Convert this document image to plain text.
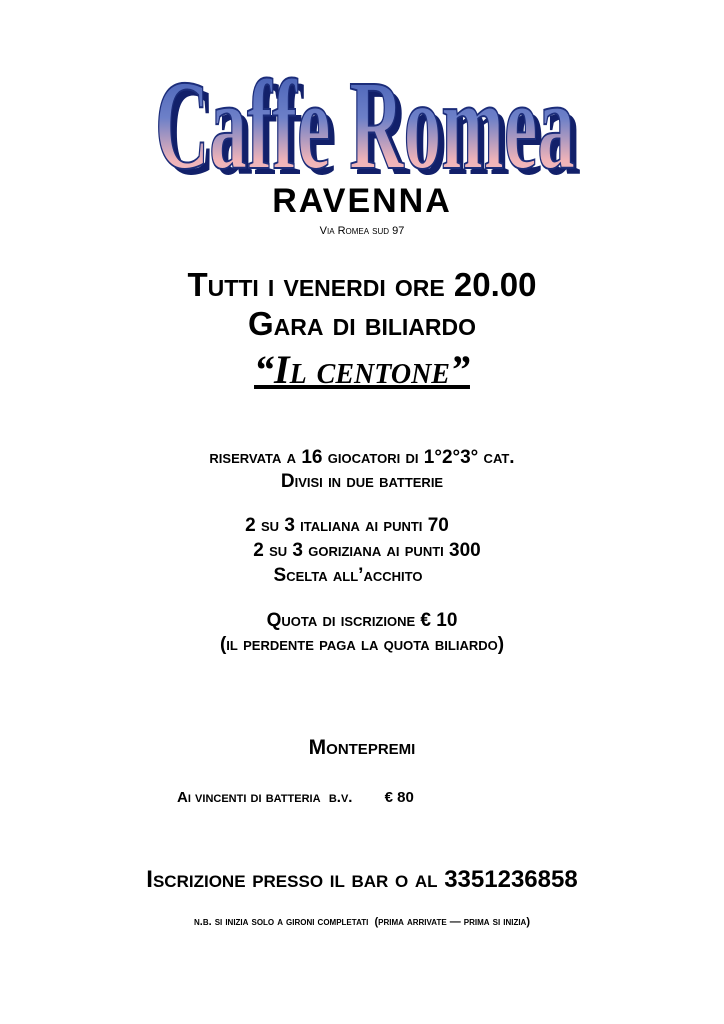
Caffe Romea
Caffe Romea
RAVENNA
Via Romea sud 97
Tutti i venerdi ore 20.00
Gara di biliardo
“Il centone”
riservata a 16 giocatori di 1°2°3° cat.
Divisi in due batterie
2 su 3 italiana ai punti 70
2 su 3 goriziana ai punti 300
Scelta all’acchito
Quota di iscrizione € 10
(il perdente paga la quota biliardo)
Montepremi
Ai vincenti di batteria  b.v. € 80
Iscrizione presso il bar o al 3351236858
n.b. si inizia solo a gironi completati  (prima arrivate — prima si inizia)
